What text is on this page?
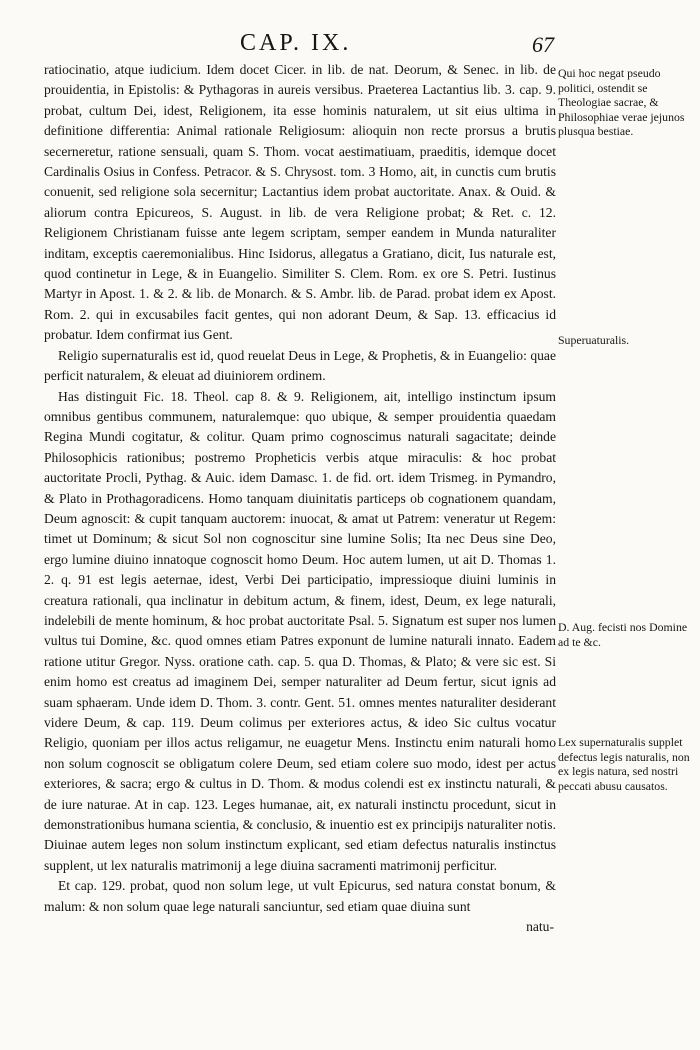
CAP. IX.	67

ratiocinatio, atque iudicium. Idem docet Cicer. in lib. de nat. Deorum, & Senec. in lib. de prouidentia, in Epistolis: & Pythagoras in aureis versibus. Praeterea Lactantius lib. 3. cap. 9. probat, cultum Dei, idest, Religionem, ita esse hominis naturalem, ut sit eius ultima in definitione differentia: Animal rationale Religiosum: alioquin non recte prorsus a brutis secerneretur, ratione sensuali, quam S. Thom. vocat aestimatiuam, praeditis, idemque docet Cardinalis Osius in Confess. Petracor. & S. Chrysost. tom. 3 Homo, ait, in cunctis cum brutis conuenit, sed religione sola secernitur; Lactantius idem probat auctoritate. Anax. & Ouid. & aliorum contra Epicureos, S. August. in lib. de vera Religione probat; & Ret. c. 12. Religionem Christianam fuisse ante legem scriptam, semper eandem in Munda naturaliter inditam, exceptis caeremonialibus. Hinc Isidorus, allegatus a Gratiano, dicit, Ius naturale est, quod continetur in Lege, & in Euangelio. Similiter S. Clem. Rom. ex ore S. Petri. Iustinus Martyr in Apost. 1. & 2. & lib. de Monarch. & S. Ambr. lib. de Parad. probat idem ex Apost. Rom. 2. qui in excusabiles facit gentes, qui non adorant Deum, & Sap. 13. efficacius id probatur. Idem confirmat ius Gent.

Religio supernaturalis est id, quod reuelat Deus in Lege, & Prophetis, & in Euangelio: quae perficit naturalem, & eleuat ad diuiniorem ordinem.

Has distinguit Fic. 18. Theol. cap 8. & 9. Religionem, ait, intelligo instinctum ipsum omnibus gentibus communem, naturalemque: quo ubique, & semper prouidentia quaedam Regina Mundi cogitatur, & colitur. Quam primo cognoscimus naturali sagacitate; deinde Philosophicis rationibus; postremo Propheticis verbis atque miraculis: & hoc probat auctoritate Procli, Pythag. & Auic. idem Damasc. 1. de fid. ort. idem Trismeg. in Pymandro, & Plato in Prothagoradicens. Homo tanquam diuinitatis particeps ob cognationem quandam, Deum agnoscit: & cupit tanquam auctorem: inuocat, & amat ut Patrem: veneratur ut Regem: timet ut Dominum; & sicut Sol non cognoscitur sine lumine Solis; Ita nec Deus sine Deo, ergo lumine diuino innatoque cognoscit homo Deum. Hoc autem lumen, ut ait D. Thomas 1. 2. q. 91 est legis aeternae, idest, Verbi Dei participatio, impressioque diuini luminis in creatura rationali, qua inclinatur in debitum actum, & finem, idest, Deum, ex lege naturali, indelebili de mente hominum, & hoc probat auctoritate Psal. 5. Signatum est super nos lumen vultus tui Domine, &c. quod omnes etiam Patres exponunt de lumine naturali innato. Eadem ratione utitur Gregor. Nyss. oratione cath. cap. 5. qua D. Thomas, & Plato; & vere sic est. Si enim homo est creatus ad imaginem Dei, semper naturaliter ad Deum fertur, sicut ignis ad suam sphaeram. Unde idem D. Thom. 3. contr. Gent. 51. omnes mentes naturaliter desiderant videre Deum, & cap. 119. Deum colimus per exteriores actus, & ideo Sic cultus vocatur Religio, quoniam per illos actus religamur, ne euagetur Mens. Instinctu enim naturali homo non solum cognoscit se obligatum colere Deum, sed etiam colere suo modo, idest per actus exteriores, & sacra; ergo & cultus in D. Thom. & modus colendi est ex instinctu naturali, & de iure naturae. At in cap. 123. Leges humanae, ait, ex naturali instinctu procedunt, sicut in demonstrationibus humana scientia, & conclusio, & inuentio est ex principijs naturaliter notis. Diuinae autem leges non solum instinctum explicant, sed etiam defectus naturalis instinctus supplent, ut lex naturalis matrimonij a lege diuina sacramenti matrimonij perficitur.

Et cap. 129. probat, quod non solum lege, ut vult Epicurus, sed natura constat bonum, & malum: & non solum quae lege naturali sanciuntur, sed etiam quae diuina sunt

natu-

Qui hoc negat pseudo politici, ostendit se Theologiae sacrae, & Philosophiae verae jejunos plusqua bestiae.
Superuaturalis.
D. Aug. fecisti nos Domine ad te &c.
Lex supernaturalis supplet defectus legis naturalis, non ex legis natura, sed nostri peccati abusu causatos.
